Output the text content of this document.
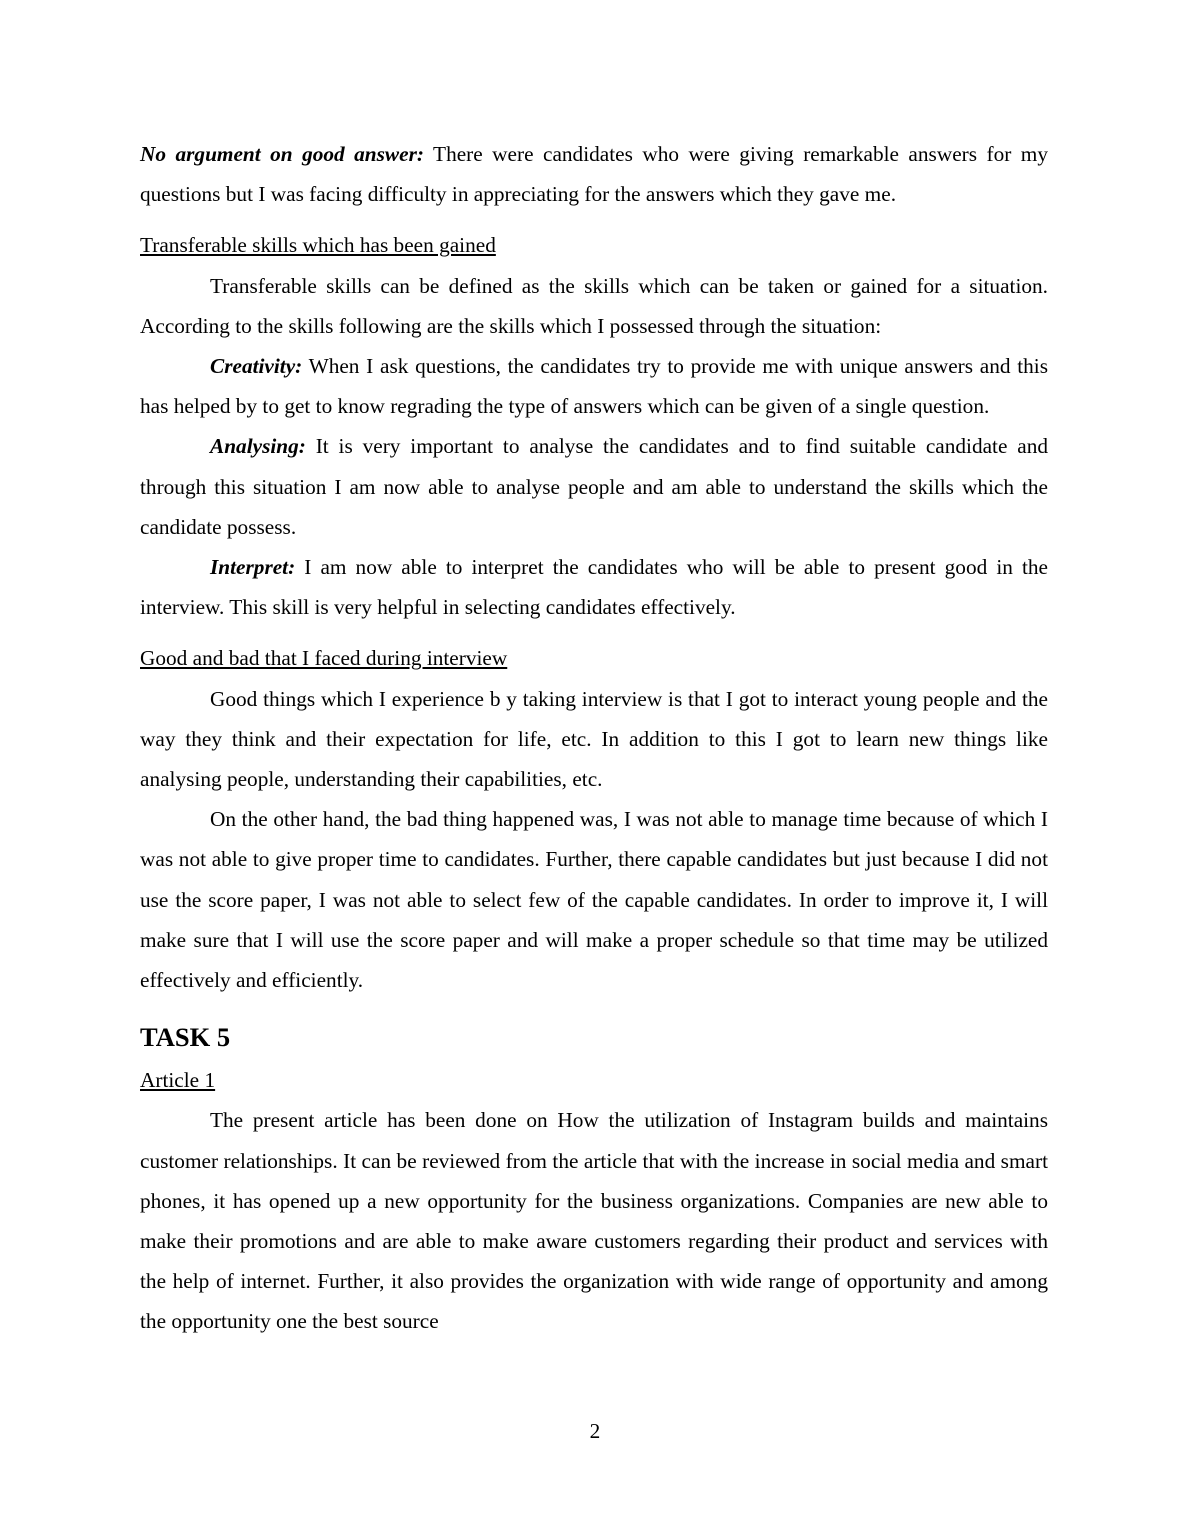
No argument on good answer: There were candidates who were giving remarkable answers for my questions but I was facing difficulty in appreciating for the answers which they gave me.

Transferable skills which has been gained

Transferable skills can be defined as the skills which can be taken or gained for a situation. According to the skills following are the skills which I possessed through the situation:

Creativity: When I ask questions, the candidates try to provide me with unique answers and this has helped by to get to know regrading the type of answers which can be given of a single question.

Analysing: It is very important to analyse the candidates and to find suitable candidate and through this situation I am now able to analyse people and am able to understand the skills which the candidate possess.

Interpret: I am now able to interpret the candidates who will be able to present good in the interview. This skill is very helpful in selecting candidates effectively.

Good and bad that I faced during interview

Good things which I experience b y taking interview is that I got to interact young people and the way they think and their expectation for life, etc. In addition to this I got to learn new things like analysing people, understanding their capabilities, etc.

On the other hand, the bad thing happened was, I was not able to manage time because of which I was not able to give proper time to candidates. Further, there capable candidates but just because I did not use the score paper, I was not able to select few of the capable candidates. In order to improve it, I will make sure that I will use the score paper and will make a proper schedule so that time may be utilized effectively and efficiently.

TASK 5

Article 1

The present article has been done on How the utilization of Instagram builds and maintains customer relationships. It can be reviewed from the article that with the increase in social media and smart phones, it has opened up a new opportunity for the business organizations. Companies are new able to make their promotions and are able to make aware customers regarding their product and services with the help of internet. Further, it also provides the organization with wide range of opportunity and among the opportunity one the best source

2
